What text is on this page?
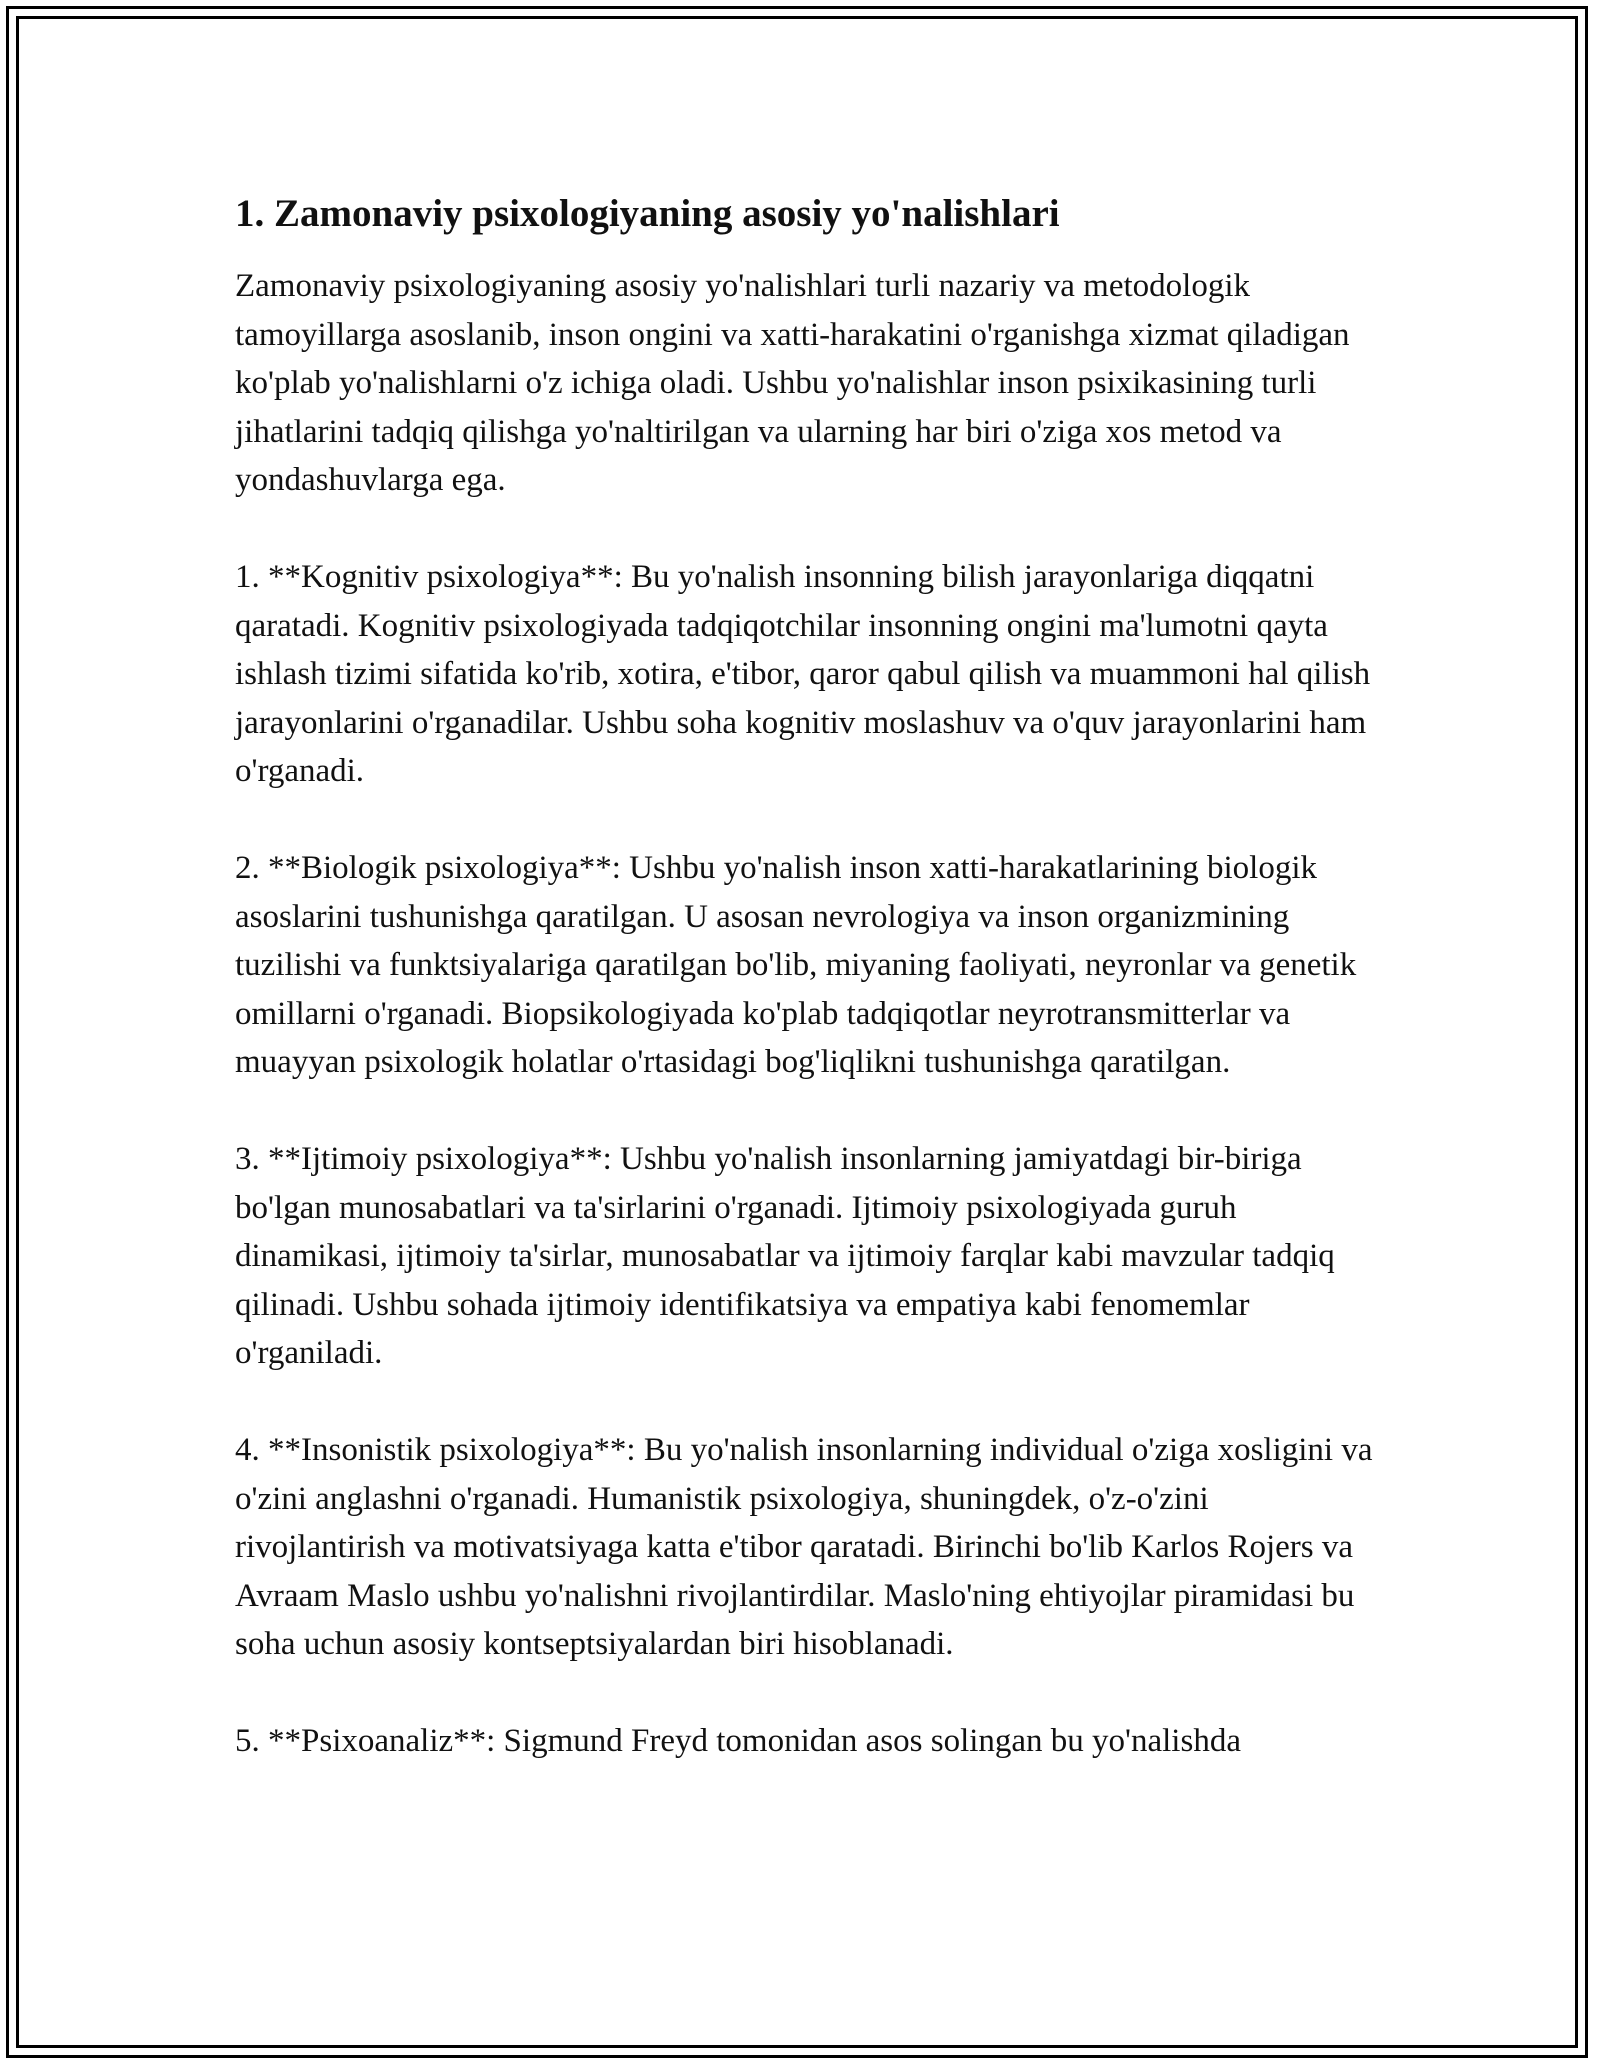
1. Zamonaviy psixologiyaning asosiy yo'nalishlari

Zamonaviy psixologiyaning asosiy yo'nalishlari turli nazariy va metodologik tamoyillarga asoslanib, inson ongini va xatti-harakatini o'rganishga xizmat qiladigan ko'plab yo'nalishlarni o'z ichiga oladi. Ushbu yo'nalishlar inson psixikasining turli jihatlarini tadqiq qilishga yo'naltirilgan va ularning har biri o'ziga xos metod va yondashuvlarga ega.

1. **Kognitiv psixologiya**: Bu yo'nalish insonning bilish jarayonlariga diqqatni qaratadi. Kognitiv psixologiyada tadqiqotchilar insonning ongini ma'lumotni qayta ishlash tizimi sifatida ko'rib, xotira, e'tibor, qaror qabul qilish va muammoni hal qilish jarayonlarini o'rganadilar. Ushbu soha kognitiv moslashuv va o'quv jarayonlarini ham o'rganadi.

2. **Biologik psixologiya**: Ushbu yo'nalish inson xatti-harakatlarining biologik asoslarini tushunishga qaratilgan. U asosan nevrologiya va inson organizmining tuzilishi va funktsiyalariga qaratilgan bo'lib, miyaning faoliyati, neyronlar va genetik omillarni o'rganadi. Biopsikologiyada ko'plab tadqiqotlar neyrotransmitterlar va muayyan psixologik holatlar o'rtasidagi bog'liqlikni tushunishga qaratilgan.

3. **Ijtimoiy psixologiya**: Ushbu yo'nalish insonlarning jamiyatdagi bir-biriga bo'lgan munosabatlari va ta'sirlarini o'rganadi. Ijtimoiy psixologiyada guruh dinamikasi, ijtimoiy ta'sirlar, munosabatlar va ijtimoiy farqlar kabi mavzular tadqiq qilinadi. Ushbu sohada ijtimoiy identifikatsiya va empatiya kabi fenomemlar o'rganiladi.

4. **Insonistik psixologiya**: Bu yo'nalish insonlarning individual o'ziga xosligini va o'zini anglashni o'rganadi. Humanistik psixologiya, shuningdek, o'z-o'zini rivojlantirish va motivatsiyaga katta e'tibor qaratadi. Birinchi bo'lib Karlos Rojers va Avraam Maslo ushbu yo'nalishni rivojlantirdilar. Maslo'ning ehtiyojlar piramidasi bu soha uchun asosiy kontseptsiyalardan biri hisoblanadi.

5. **Psixoanaliz**: Sigmund Freyd tomonidan asos solingan bu yo'nalishda
